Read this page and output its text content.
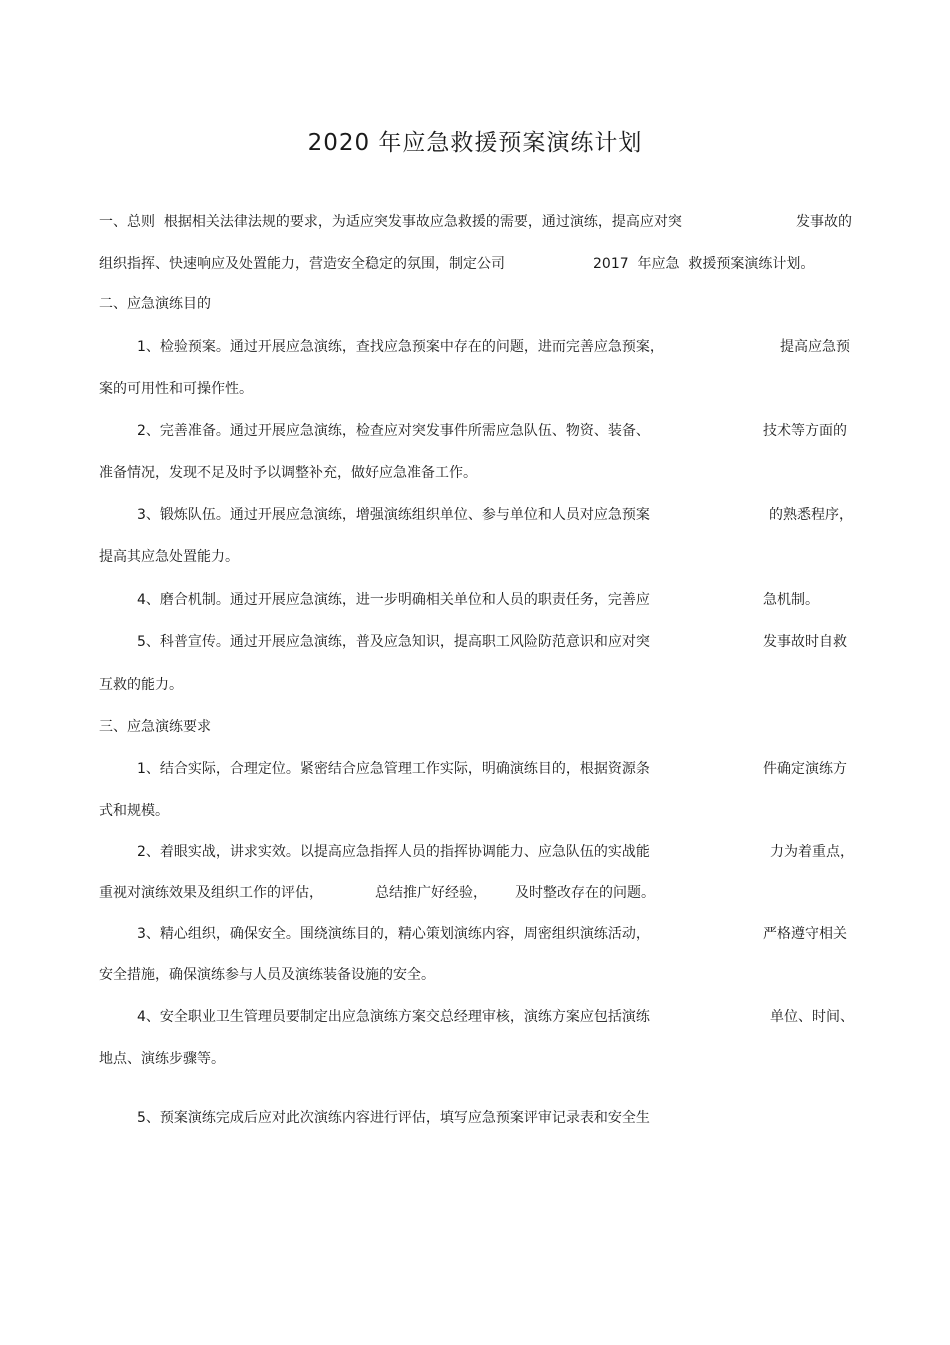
2020 年应急救援预案演练计划
一、总则  根据相关法律法规的要求，为适应突发事故应急救援的需要，通过演练，提高应对突	发事故的
组织指挥、快速响应及处置能力，营造安全稳定的氛围，制定公司	2017  年应急  救援预案演练计划。
二、应急演练目的
1、检验预案。通过开展应急演练，查找应急预案中存在的问题，进而完善应急预案，	提高应急预
案的可用性和可操作性。
2、完善准备。通过开展应急演练，检查应对突发事件所需应急队伍、物资、装备、	技术等方面的
准备情况，发现不足及时予以调整补充，做好应急准备工作。
3、锻炼队伍。通过开展应急演练，增强演练组织单位、参与单位和人员对应急预案	的熟悉程序，
提高其应急处置能力。
4、磨合机制。通过开展应急演练，进一步明确相关单位和人员的职责任务，完善应	急机制。
5、科普宣传。通过开展应急演练，普及应急知识，提高职工风险防范意识和应对突	发事故时自救
互救的能力。
三、应急演练要求
1、结合实际，合理定位。紧密结合应急管理工作实际，明确演练目的，根据资源条	件确定演练方
式和规模。
2、着眼实战，讲求实效。以提高应急指挥人员的指挥协调能力、应急队伍的实战能	力为着重点，
重视对演练效果及组织工作的评估，	总结推广好经验， 及时整改存在的问题。
3、精心组织，确保安全。围绕演练目的，精心策划演练内容，周密组织演练活动，	严格遵守相关
安全措施，确保演练参与人员及演练装备设施的安全。
4、安全职业卫生管理员要制定出应急演练方案交总经理审核，演练方案应包括演练	单位、时间、
地点、演练步骤等。
5、预案演练完成后应对此次演练内容进行评估，填写应急预案评审记录表和安全生
